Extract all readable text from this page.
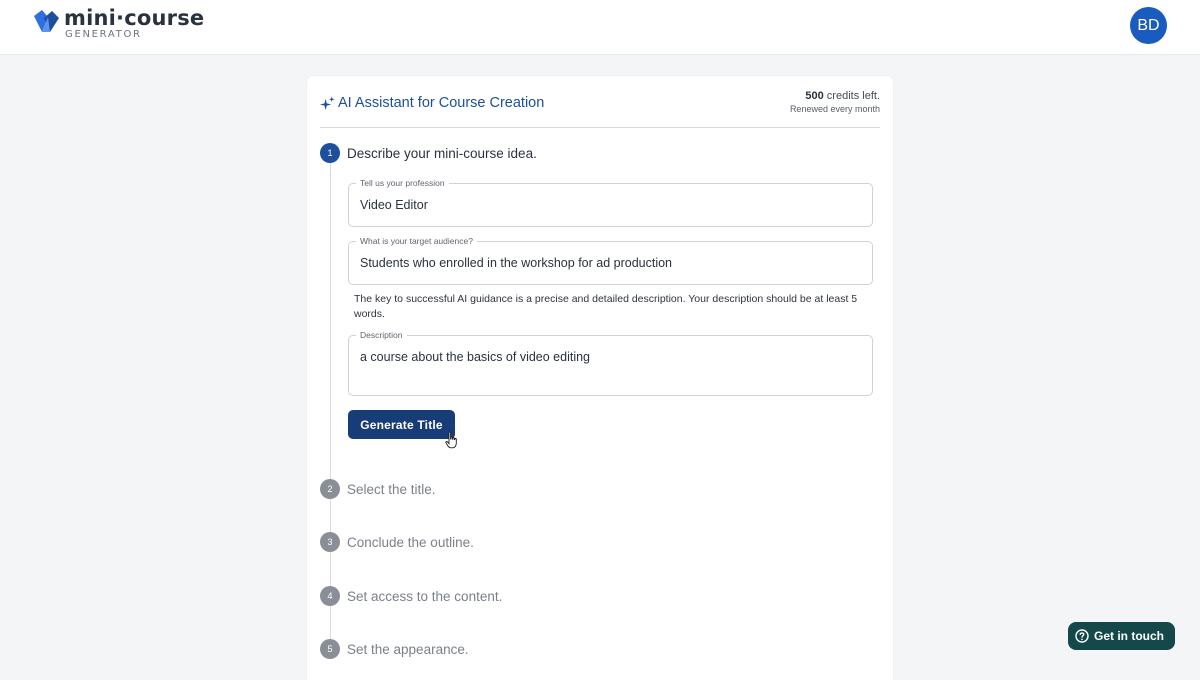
mini·course
GENERATOR
BD
AI Assistant for Course Creation	500 credits left.
Renewed every month
1	Describe your mini-course idea.
Tell us your profession
Video Editor
What is your target audience?
Students who enrolled in the workshop for ad production
The key to successful AI guidance is a precise and detailed description. Your description should be at least 5 words.
Description
a course about the basics of video editing
Generate Title
2	Select the title.
3	Conclude the outline.
4	Set access to the content.
5	Set the appearance.
Get in touch
